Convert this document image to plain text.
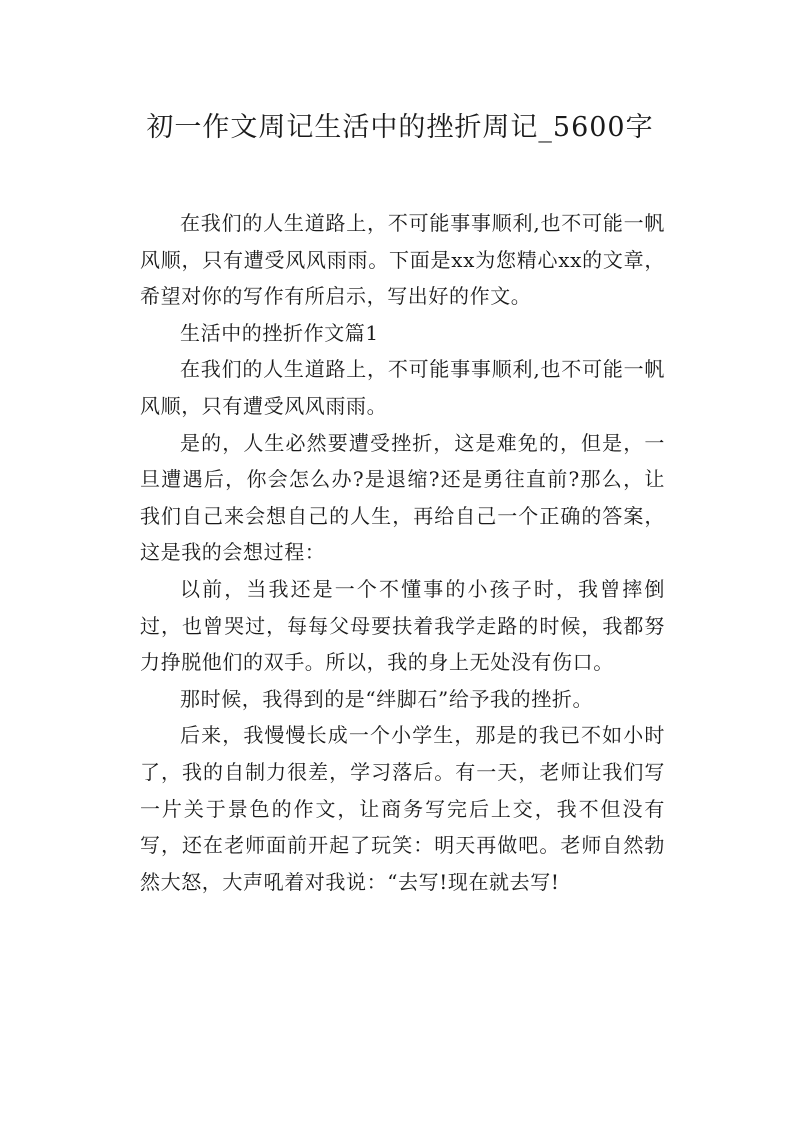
初一作文周记生活中的挫折周记_5600字

在我们的人生道路上，不可能事事顺利,也不可能一帆风顺，只有遭受风风雨雨。下面是xx为您精心xx的文章，希望对你的写作有所启示，写出好的作文。

生活中的挫折作文篇1

在我们的人生道路上，不可能事事顺利,也不可能一帆风顺，只有遭受风风雨雨。

是的，人生必然要遭受挫折，这是难免的，但是，一旦遭遇后，你会怎么办?是退缩?还是勇往直前?那么，让我们自己来会想自己的人生，再给自己一个正确的答案，这是我的会想过程：

以前，当我还是一个不懂事的小孩子时，我曾摔倒过，也曾哭过，每每父母要扶着我学走路的时候，我都努力挣脱他们的双手。所以，我的身上无处没有伤口。

那时候，我得到的是“绊脚石”给予我的挫折。

后来，我慢慢长成一个小学生，那是的我已不如小时了，我的自制力很差，学习落后。有一天，老师让我们写一片关于景色的作文，让商务写完后上交，我不但没有写，还在老师面前开起了玩笑：明天再做吧。老师自然勃然大怒，大声吼着对我说：“去写!现在就去写!
